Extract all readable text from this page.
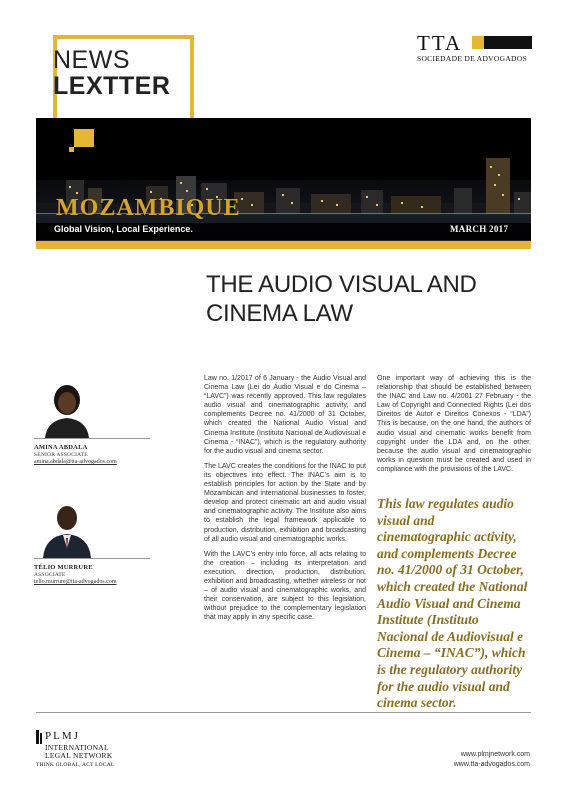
NEWS
LEXTTER
TTA
SOCIEDADE DE ADVOGADOS
MOZAMBIQUE
Global Vision, Local Experience.	MARCH 2017
THE AUDIO VISUAL AND CINEMA LAW
AMINA ABDALA
SENIOR ASSOCIATE
amina.abdala@tta-advogados.com
TÉLIO MURRURE
ASSOCIATE
telio.murrure@tta-advogados.com

Law no. 1/2017 of 6 January - the Audio Visual and Cinema Law (Lei do Áudio Visual e do Cinema – “LAVC”) was recently approved. This law regulates audio visual and cinematographic activity, and complements Decree no. 41/2000 of 31 October, which created the National Audio Visual and Cinema Institute (Instituto Nacional de Audiovisual e Cinema - “INAC”), which is the regulatory authority for the audio visual and cinema sector.

The LAVC creates the conditions for the INAC to put its objectives into effect. The INAC’s aim is to establish principles for action by the State and by Mozambican and international businesses to foster, develop and protect cinematic art and audio visual and cinematographic activity. The Institute also aims to establish the legal framework applicable to production, distribution, exhibition and broadcasting of all audio visual and cinematographic works.

With the LAVC’s entry into force, all acts relating to the creation – including its interpretation and execution, direction, production, distribution, exhibition and broadcasting, whether wireless or not – of audio visual and cinematographic works, and their conservation, are subject to this legislation, without prejudice to the complementary legislation that may apply in any specific case.

One important way of achieving this is the relationship that should be established between the INAC and Law no. 4/2001 27 February - the Law of Copyright and Connected Rights (Lei dos Direitos de Autor e Direitos Conexos - “LDA”) This is because, on the one hand, the authors of audio visual and cinematic works benefit from copyright under the LDA and, on the other, because the audio visual and cinematographic works in question must be created and used in compliance with the provisions of the LAVC.

This law regulates audio visual and cinematographic activity, and complements Decree no. 41/2000 of 31 October, which created the National Audio Visual and Cinema Institute (Instituto Nacional de Audiovisual e Cinema – “INAC”), which is the regulatory authority for the audio visual and cinema sector.
PLMJ
INTERNATIONAL
LEGAL NETWORK
THINK GLOBAL, ACT LOCAL
www.plmjnetwork.com
www.tta-advogados.com
